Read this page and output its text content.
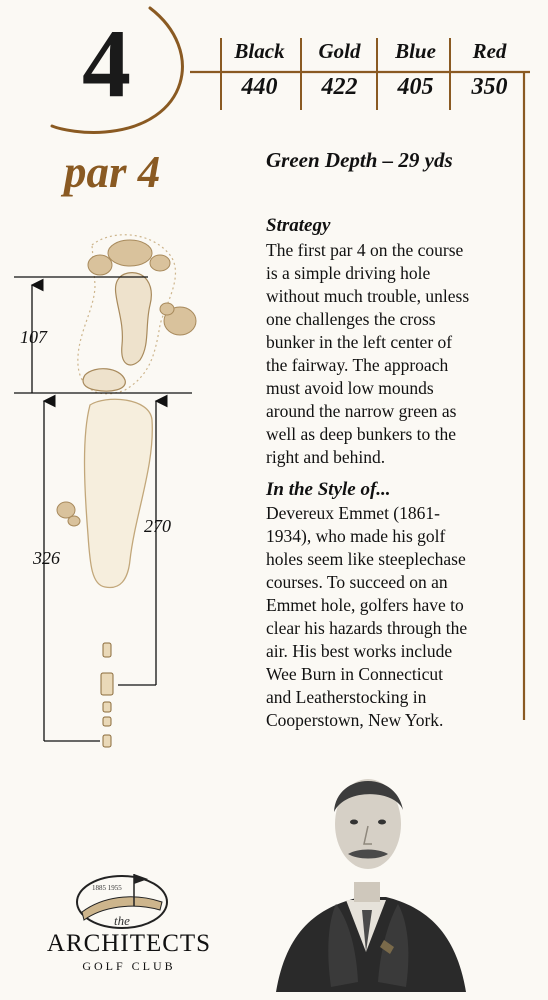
4	Black
440
Gold
422
Blue
405
Red
350
par 4	Green Depth – 29 yds
Strategy
The first par 4 on the course
is a simple driving hole
without much trouble, unless
one challenges the cross
bunker in the left center of
the fairway. The approach
must avoid low mounds
around the narrow green as
well as deep bunkers to the
right and behind.
In the Style of...
Devereux Emmet (1861-
1934), who made his golf
holes seem like steeplechase
courses. To succeed on an
Emmet hole, golfers have to
clear his hazards through the
air. His best works include
Wee Burn in Connecticut
and Leatherstocking in
Cooperstown, New York.
107
270
326
1885 1955
the
ARCHITECTS
GOLF CLUB
